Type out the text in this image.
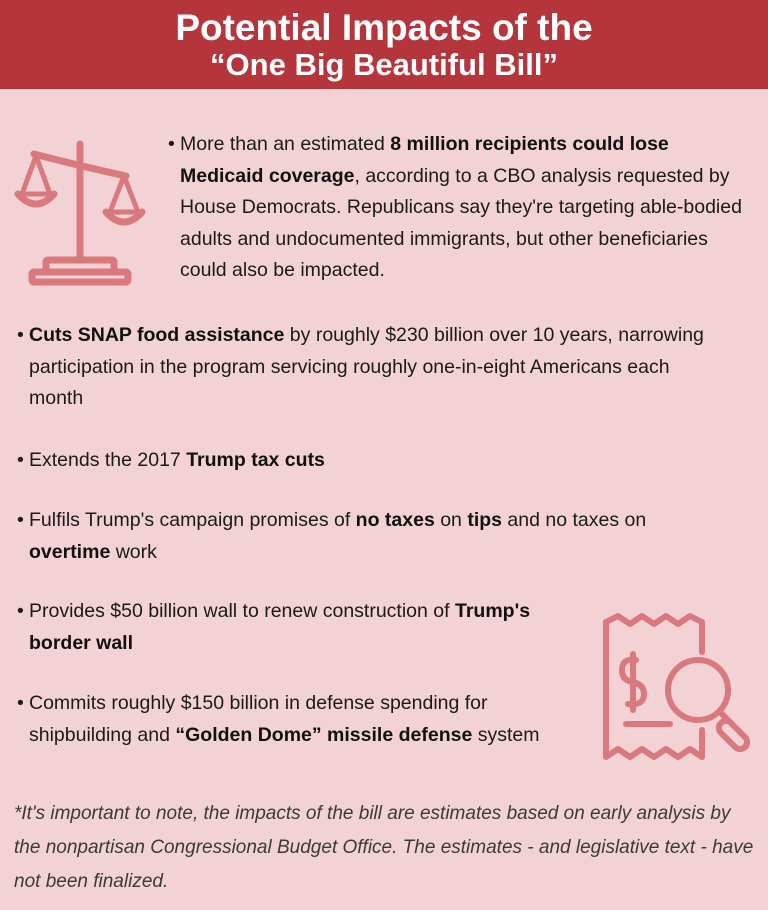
Potential Impacts of the
“One Big Beautiful Bill”
• More than an estimated 8 million recipients could lose Medicaid coverage, according to a CBO analysis requested by House Democrats. Republicans say they're targeting able-bodied adults and undocumented immigrants, but other beneficiaries could also be impacted.
• Cuts SNAP food assistance by roughly $230 billion over 10 years, narrowing participation in the program servicing roughly one-in-eight Americans each month
• Extends the 2017 Trump tax cuts
• Fulfils Trump's campaign promises of no taxes on tips and no taxes on overtime work
• Provides $50 billion wall to renew construction of Trump's border wall
• Commits roughly $150 billion in defense spending for shipbuilding and “Golden Dome” missile defense system
*It's important to note, the impacts of the bill are estimates based on early analysis by the nonpartisan Congressional Budget Office. The estimates - and legislative text - have not been finalized.
